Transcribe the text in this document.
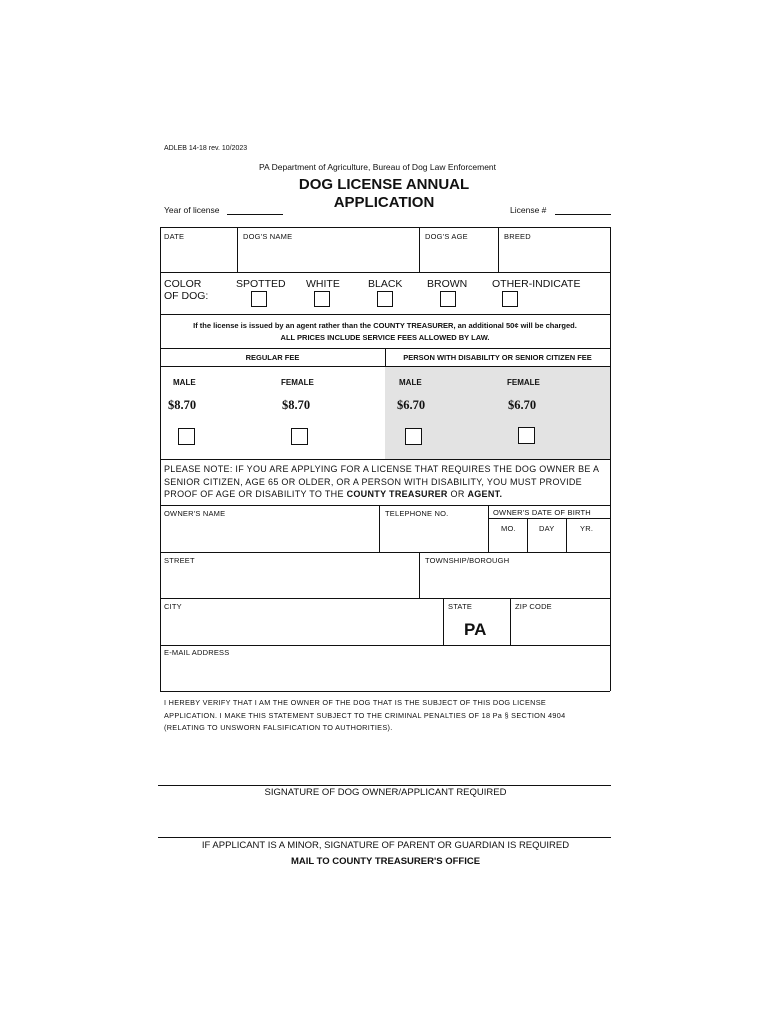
ADLEB 14-18 rev. 10/2023
PA Department of Agriculture, Bureau of Dog Law Enforcement
DOG LICENSE ANNUAL
APPLICATION
Year of license	License #
DATE	DOG'S NAME	DOG'S AGE	BREED
COLOR
OF DOG:
SPOTTED WHITE	BLACK BROWN OTHER-INDICATE
If the license is issued by an agent rather than the COUNTY TREASURER, an additional 50¢ will be charged.
ALL PRICES INCLUDE SERVICE FEES ALLOWED BY LAW.
REGULAR FEE	PERSON WITH DISABILITY OR SENIOR CITIZEN FEE
MALE	FEMALE	MALE	FEMALE
$8.70	$8.70	$6.70	$6.70
PLEASE NOTE: IF YOU ARE APPLYING FOR A LICENSE THAT REQUIRES THE DOG OWNER BE A SENIOR CITIZEN, AGE 65 OR OLDER, OR A PERSON WITH DISABILITY, YOU MUST PROVIDE PROOF OF AGE OR DISABILITY TO THE COUNTY TREASURER OR AGENT.
OWNER'S NAME	TELEPHONE NO.	OWNER'S DATE OF BIRTH
MO.	DAY	YR.
STREET	TOWNSHIP/BOROUGH
CITY	STATE	ZIP CODE
PA
E-MAIL ADDRESS
I HEREBY VERIFY THAT I AM THE OWNER OF THE DOG THAT IS THE SUBJECT OF THIS DOG LICENSE
APPLICATION. I MAKE THIS STATEMENT SUBJECT TO THE CRIMINAL PENALTIES OF 18 Pa § SECTION 4904
(RELATING TO UNSWORN FALSIFICATION TO AUTHORITIES).
SIGNATURE OF DOG OWNER/APPLICANT REQUIRED
IF APPLICANT IS A MINOR, SIGNATURE OF PARENT OR GUARDIAN IS REQUIRED
MAIL TO COUNTY TREASURER'S OFFICE
